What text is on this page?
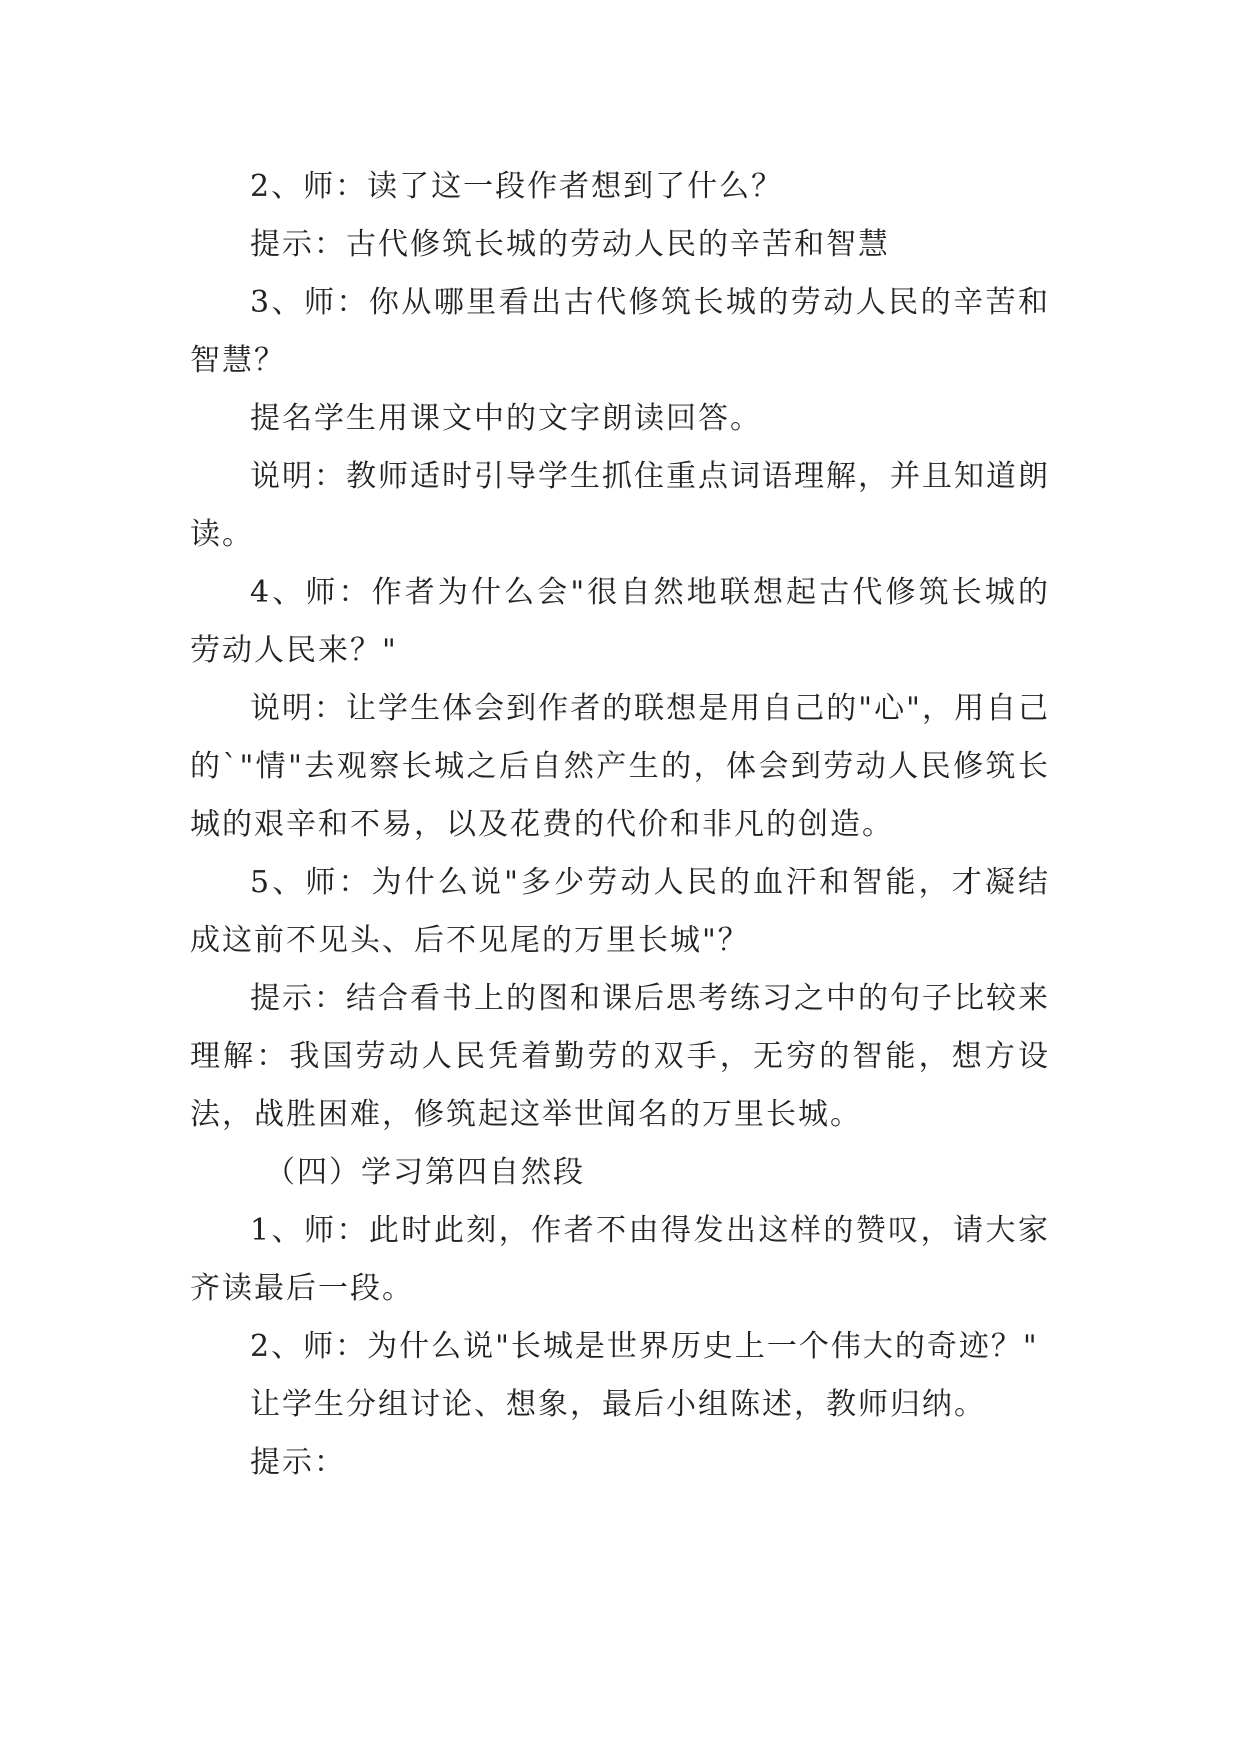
2、师：读了这一段作者想到了什么？

提示：古代修筑长城的劳动人民的辛苦和智慧

3、师：你从哪里看出古代修筑长城的劳动人民的辛苦和智慧？

提名学生用课文中的文字朗读回答。

说明：教师适时引导学生抓住重点词语理解，并且知道朗读。

4、师：作者为什么会"很自然地联想起古代修筑长城的劳动人民来？"

说明：让学生体会到作者的联想是用自己的"心"，用自己的`"情"去观察长城之后自然产生的，体会到劳动人民修筑长城的艰辛和不易，以及花费的代价和非凡的创造。

5、师：为什么说"多少劳动人民的血汗和智能，才凝结成这前不见头、后不见尾的万里长城"？

提示：结合看书上的图和课后思考练习之中的句子比较来理解：我国劳动人民凭着勤劳的双手，无穷的智能，想方设法，战胜困难，修筑起这举世闻名的万里长城。

（四）学习第四自然段

1、师：此时此刻，作者不由得发出这样的赞叹，请大家齐读最后一段。

2、师：为什么说"长城是世界历史上一个伟大的奇迹？"

让学生分组讨论、想象，最后小组陈述，教师归纳。

提示：
